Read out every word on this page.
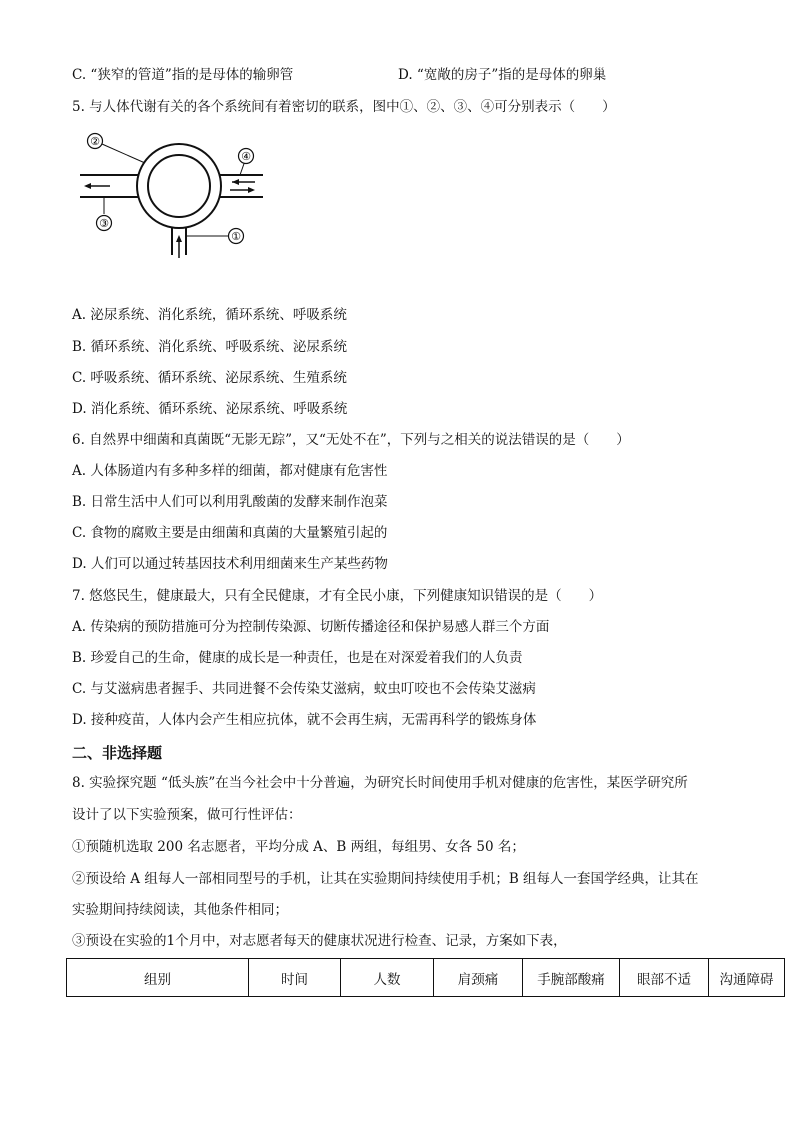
C. “狭窄的管道”指的是母体的输卵管	D. “宽敞的房子”指的是母体的卵巢
5. 与人体代谢有关的各个系统间有着密切的联系，图中①、②、③、④可分别表示（　　）
②
③
④
①
A. 泌尿系统、消化系统，循环系统、呼吸系统
B. 循环系统、消化系统、呼吸系统、泌尿系统
C. 呼吸系统、循环系统、泌尿系统、生殖系统
D. 消化系统、循环系统、泌尿系统、呼吸系统
6. 自然界中细菌和真菌既“无影无踪”，又“无处不在”，下列与之相关的说法错误的是（　　）
A. 人体肠道内有多种多样的细菌，都对健康有危害性
B. 日常生活中人们可以利用乳酸菌的发酵来制作泡菜
C. 食物的腐败主要是由细菌和真菌的大量繁殖引起的
D. 人们可以通过转基因技术利用细菌来生产某些药物
7. 悠悠民生，健康最大，只有全民健康，才有全民小康，下列健康知识错误的是（　　）
A. 传染病的预防措施可分为控制传染源、切断传播途径和保护易感人群三个方面
B. 珍爱自己的生命，健康的成长是一种责任，也是在对深爱着我们的人负责
C. 与艾滋病患者握手、共同进餐不会传染艾滋病，蚊虫叮咬也不会传染艾滋病
D. 接种疫苗，人体内会产生相应抗体，就不会再生病，无需再科学的锻炼身体
二、非选择题
8. 实验探究题 “低头族”在当今社会中十分普遍，为研究长时间使用手机对健康的危害性，某医学研究所
设计了以下实验预案，做可行性评估：
①预随机选取 200 名志愿者，平均分成 A、B 两组，每组男、女各 50 名；
②预设给 A 组每人一部相同型号的手机，让其在实验期间持续使用手机；B 组每人一套国学经典，让其在
实验期间持续阅读，其他条件相同；
③预设在实验的1个月中，对志愿者每天的健康状况进行检查、记录，方案如下表，
组别	时间	人数	肩颈痛	手腕部酸痛	眼部不适	沟通障碍
